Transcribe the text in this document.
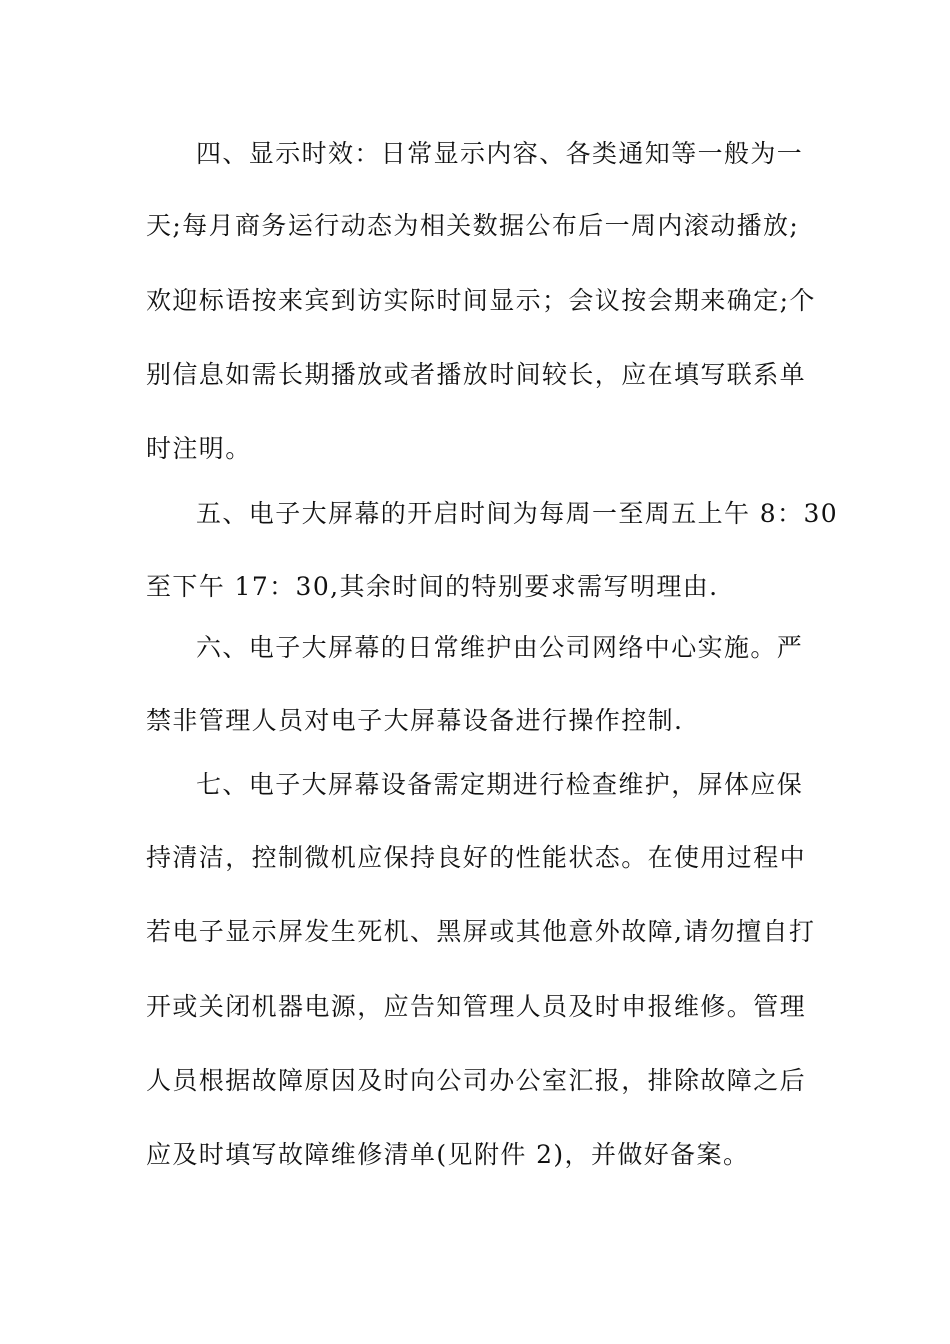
四、显示时效：日常显示内容、各类通知等一般为一
天;每月商务运行动态为相关数据公布后一周内滚动播放;
欢迎标语按来宾到访实际时间显示；会议按会期来确定;个
别信息如需长期播放或者播放时间较长，应在填写联系单
时注明。
五、电子大屏幕的开启时间为每周一至周五上午 8：30
至下午 17：30,其余时间的特别要求需写明理由.
六、电子大屏幕的日常维护由公司网络中心实施。严
禁非管理人员对电子大屏幕设备进行操作控制.
七、电子大屏幕设备需定期进行检查维护，屏体应保
持清洁，控制微机应保持良好的性能状态。在使用过程中
若电子显示屏发生死机、黑屏或其他意外故障,请勿擅自打
开或关闭机器电源，应告知管理人员及时申报维修。管理
人员根据故障原因及时向公司办公室汇报，排除故障之后
应及时填写故障维修清单(见附件 2)，并做好备案。
